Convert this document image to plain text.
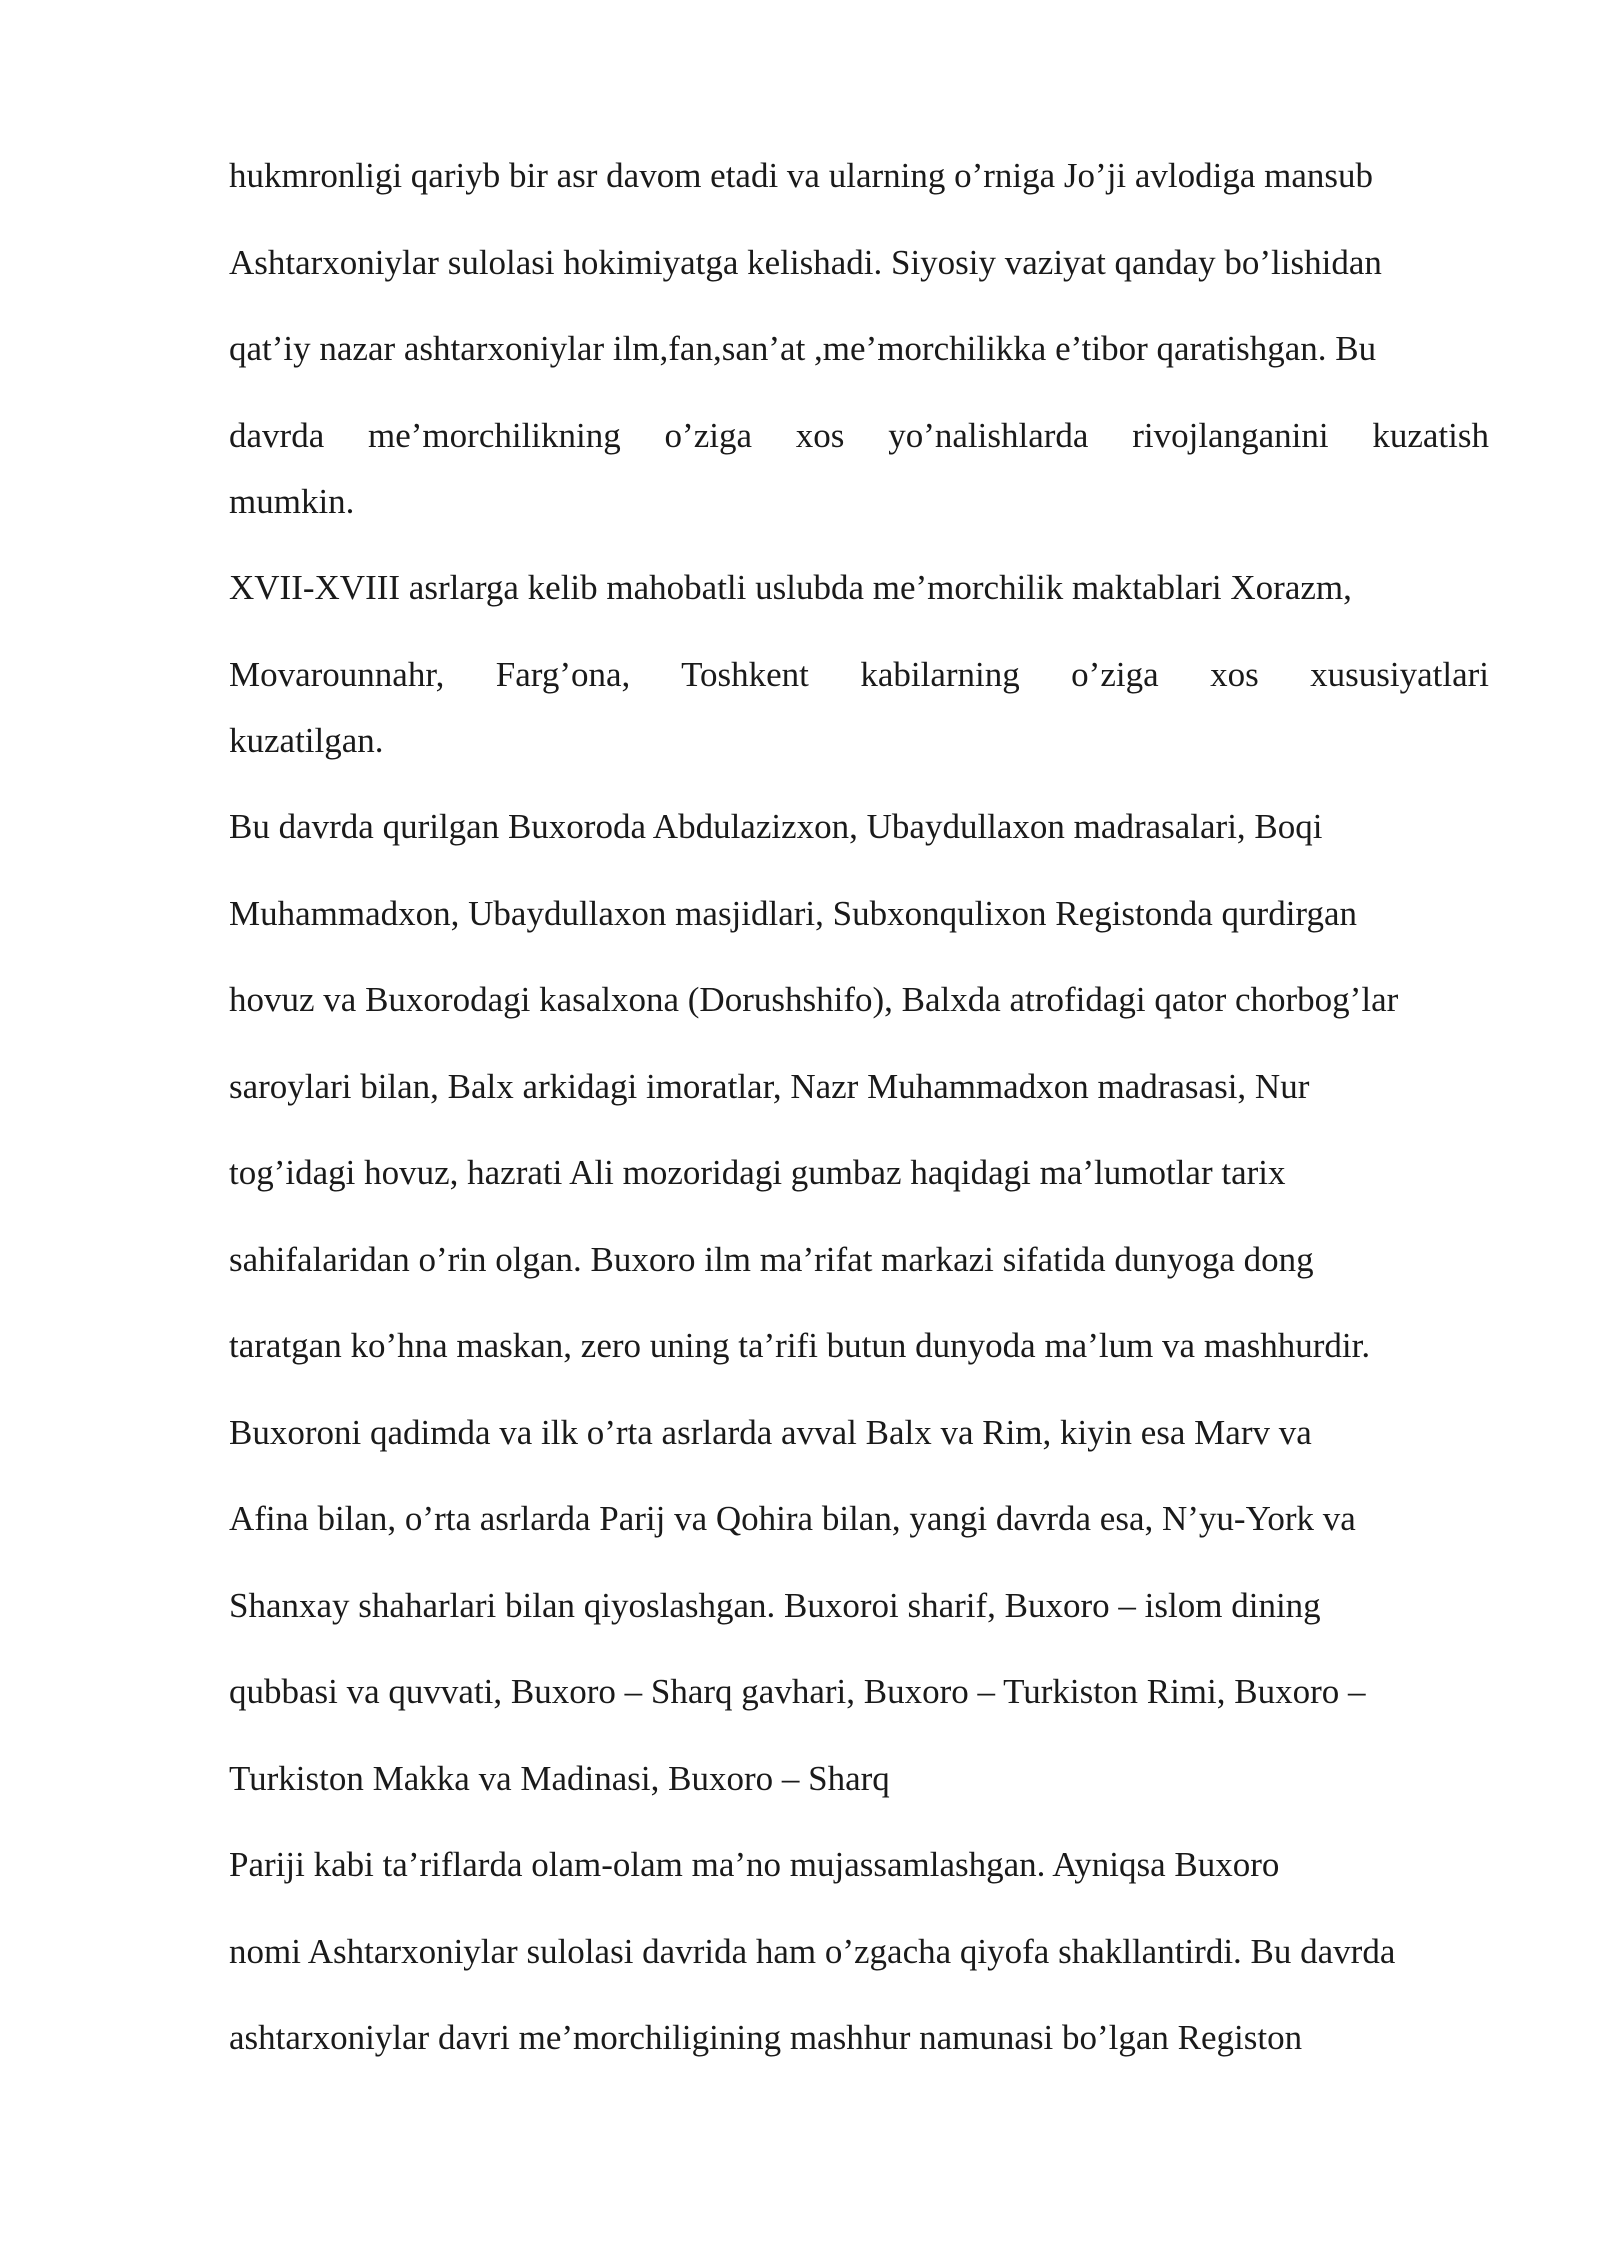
hukmronligi qariyb bir asr davom etadi va ularning o’rniga Jo’ji avlodiga mansub
Ashtarxoniylar sulolasi hokimiyatga kelishadi. Siyosiy vaziyat qanday bo’lishidan
qat’iy nazar ashtarxoniylar ilm,fan,san’at ,me’morchilikka e’tibor qaratishgan. Bu
davrda me’morchilikning o’ziga xos yo’nalishlarda rivojlanganini kuzatish
mumkin.
XVII-XVIII asrlarga kelib mahobatli uslubda me’morchilik maktablari Xorazm,
Movarounnahr, Farg’ona, Toshkent kabilarning o’ziga xos xususiyatlari
kuzatilgan.
Bu davrda qurilgan Buxoroda Abdulazizxon, Ubaydullaxon madrasalari, Boqi
Muhammadxon, Ubaydullaxon masjidlari, Subxonqulixon Registonda qurdirgan
hovuz va Buxorodagi kasalxona (Dorushshifo), Balxda atrofidagi qator chorbog’lar
saroylari bilan, Balx arkidagi imoratlar, Nazr Muhammadxon madrasasi, Nur
tog’idagi hovuz, hazrati Ali mozoridagi gumbaz haqidagi ma’lumotlar tarix
sahifalaridan o’rin olgan. Buxoro ilm ma’rifat markazi sifatida dunyoga dong
taratgan ko’hna maskan, zero uning ta’rifi butun dunyoda ma’lum va mashhurdir.
Buxoroni qadimda va ilk o’rta asrlarda avval Balx va Rim, kiyin esa Marv va
Afina bilan, o’rta asrlarda Parij va Qohira bilan, yangi davrda esa, N’yu-York va
Shanxay shaharlari bilan qiyoslashgan. Buxoroi sharif, Buxoro – islom dining
qubbasi va quvvati, Buxoro – Sharq gavhari, Buxoro – Turkiston Rimi, Buxoro –
Turkiston Makka va Madinasi, Buxoro – Sharq
Pariji kabi ta’riflarda olam-olam ma’no mujassamlashgan. Ayniqsa Buxoro
nomi Ashtarxoniylar sulolasi davrida ham o’zgacha qiyofa shakllantirdi. Bu davrda
ashtarxoniylar davri me’morchiligining mashhur namunasi bo’lgan Registon
